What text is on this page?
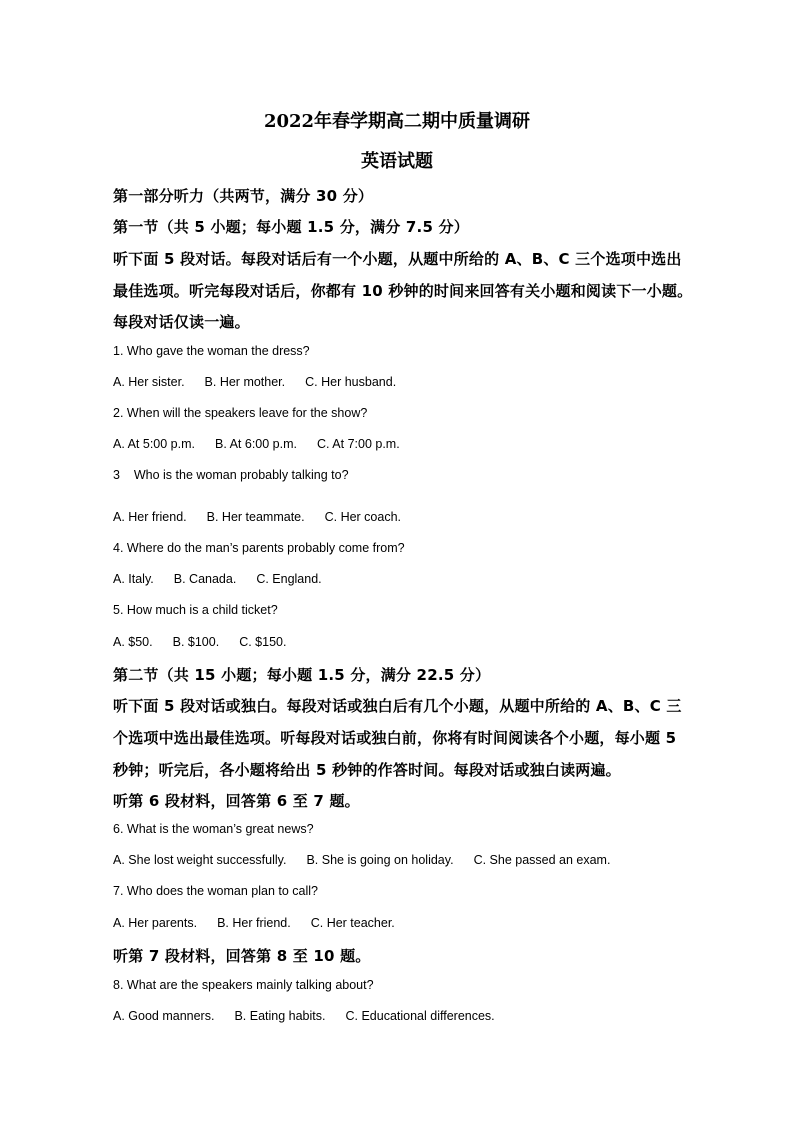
2022年春学期高二期中质量调研
英语试题
第一部分听力（共两节，满分 30 分）
第一节（共 5 小题；每小题 1.5 分，满分 7.5 分）
听下面 5 段对话。每段对话后有一个小题，从题中所给的 A、B、C 三个选项中选出
最佳选项。听完每段对话后，你都有 10 秒钟的时间来回答有关小题和阅读下一小题。
每段对话仅读一遍。
1. Who gave the woman the dress?
A. Her sister. B. Her mother. C. Her husband.
2. When will the speakers leave for the show?
A. At 5:00 p.m. B. At 6:00 p.m. C. At 7:00 p.m.
3    Who is the woman probably talking to?
A. Her friend. B. Her teammate. C. Her coach.
4. Where do the man’s parents probably come from?
A. Italy. B. Canada. C. England.
5. How much is a child ticket?
A. $50. B. $100. C. $150.
第二节（共 15 小题；每小题 1.5 分，满分 22.5 分）
听下面 5 段对话或独白。每段对话或独白后有几个小题，从题中所给的 A、B、C 三
个选项中选出最佳选项。听每段对话或独白前，你将有时间阅读各个小题，每小题 5
秒钟；听完后，各小题将给出 5 秒钟的作答时间。每段对话或独白读两遍。
听第 6 段材料，回答第 6 至 7 题。
6. What is the woman’s great news?
A. She lost weight successfully. B. She is going on holiday. C. She passed an exam.
7. Who does the woman plan to call?
A. Her parents. B. Her friend. C. Her teacher.
听第 7 段材料，回答第 8 至 10 题。
8. What are the speakers mainly talking about?
A. Good manners. B. Eating habits. C. Educational differences.
